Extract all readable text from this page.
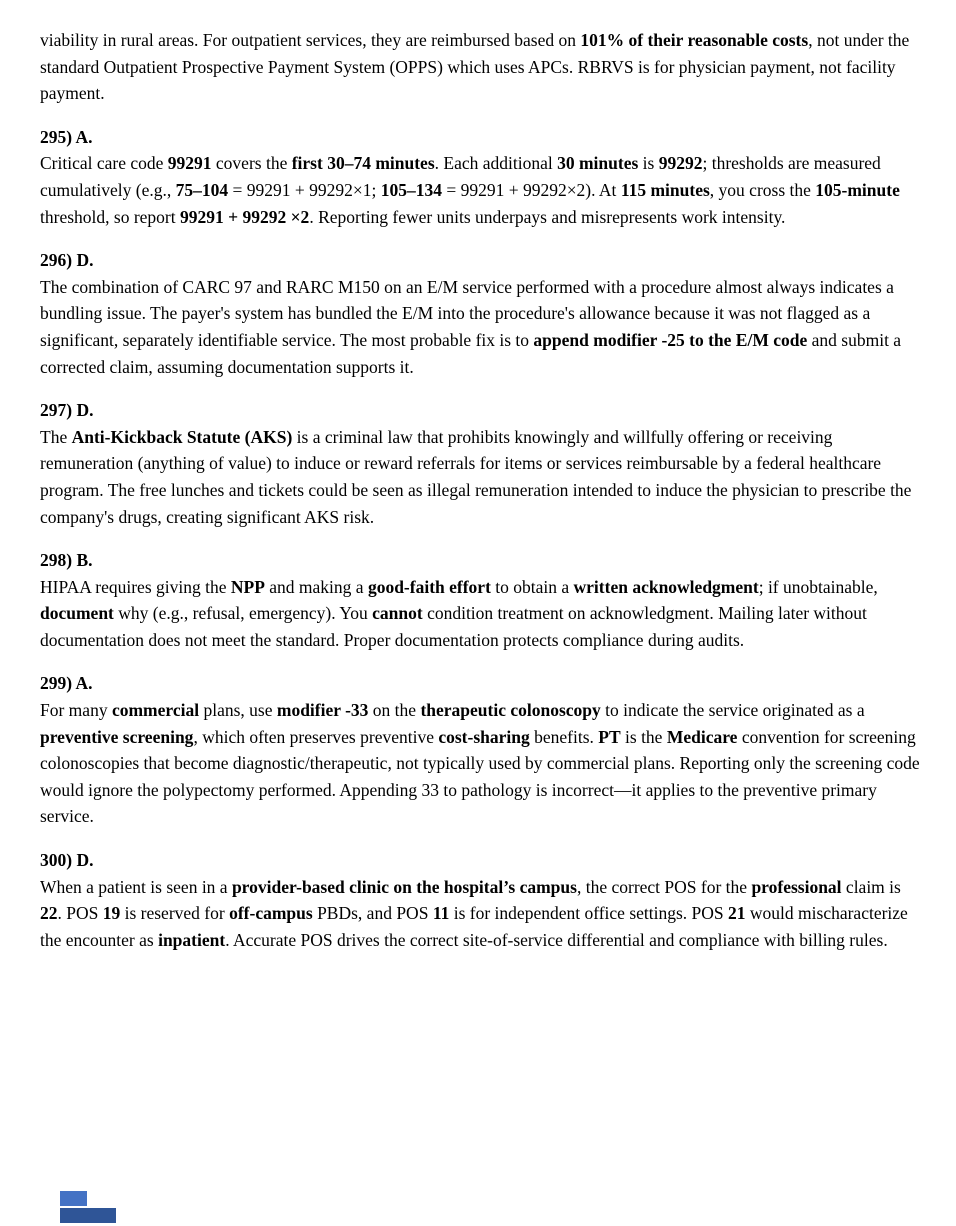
viability in rural areas. For outpatient services, they are reimbursed based on 101% of their reasonable costs, not under the standard Outpatient Prospective Payment System (OPPS) which uses APCs. RBRVS is for physician payment, not facility payment.

295) A.

Critical care code 99291 covers the first 30–74 minutes. Each additional 30 minutes is 99292; thresholds are measured cumulatively (e.g., 75–104 = 99291 + 99292×1; 105–134 = 99291 + 99292×2). At 115 minutes, you cross the 105-minute threshold, so report 99291 + 99292 ×2. Reporting fewer units underpays and misrepresents work intensity.

296) D.

The combination of CARC 97 and RARC M150 on an E/M service performed with a procedure almost always indicates a bundling issue. The payer's system has bundled the E/M into the procedure's allowance because it was not flagged as a significant, separately identifiable service. The most probable fix is to append modifier -25 to the E/M code and submit a corrected claim, assuming documentation supports it.

297) D.

The Anti-Kickback Statute (AKS) is a criminal law that prohibits knowingly and willfully offering or receiving remuneration (anything of value) to induce or reward referrals for items or services reimbursable by a federal healthcare program. The free lunches and tickets could be seen as illegal remuneration intended to induce the physician to prescribe the company's drugs, creating significant AKS risk.

298) B.

HIPAA requires giving the NPP and making a good-faith effort to obtain a written acknowledgment; if unobtainable, document why (e.g., refusal, emergency). You cannot condition treatment on acknowledgment. Mailing later without documentation does not meet the standard. Proper documentation protects compliance during audits.

299) A.

For many commercial plans, use modifier -33 on the therapeutic colonoscopy to indicate the service originated as a preventive screening, which often preserves preventive cost-sharing benefits. PT is the Medicare convention for screening colonoscopies that become diagnostic/therapeutic, not typically used by commercial plans. Reporting only the screening code would ignore the polypectomy performed. Appending 33 to pathology is incorrect—it applies to the preventive primary service.

300) D.

When a patient is seen in a provider-based clinic on the hospital’s campus, the correct POS for the professional claim is 22. POS 19 is reserved for off-campus PBDs, and POS 11 is for independent office settings. POS 21 would mischaracterize the encounter as inpatient. Accurate POS drives the correct site-of-service differential and compliance with billing rules.
